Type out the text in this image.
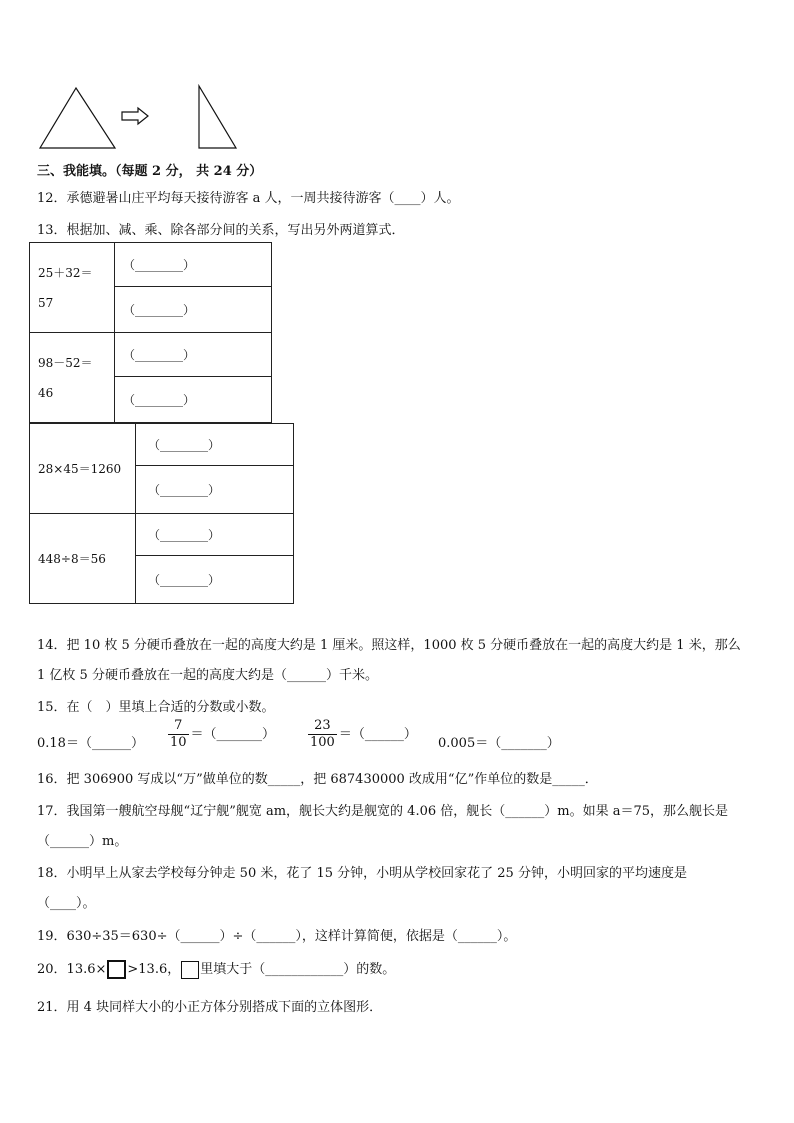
三、我能填。（每题 2 分， 共 24 分）
12．承德避暑山庄平均每天接待游客 a 人，一周共接待游客（____）人。
13．根据加、减、乘、除各部分间的关系，写出另外两道算式．
25＋32＝
57	（________）
	（________）

98－52＝
46	（________）
	（________）
28×45＝1260	（________）
	（________）
448÷8＝56	（________）
	（________）
14．把 10 枚 5 分硬币叠放在一起的高度大约是 1 厘米。照这样，1000 枚 5 分硬币叠放在一起的高度大约是 1 米，那么
1 亿枚 5 分硬币叠放在一起的高度大约是（______）千米。
15．在（　）里填上合适的分数或小数。
0.18＝（______） $\frac{7}{10}$ ＝（_______）	$\frac{23}{100}$ ＝（______）
0.005＝（_______）
16．把 306900 写成以“万”做单位的数_____，把 687430000 改成用“亿”作单位的数是_____．
17．我国第一艘航空母舰“辽宁舰”舰宽 am，舰长大约是舰宽的 4.06 倍，舰长（______）m。如果 a＝75，那么舰长是
（______）m。
18．小明早上从家去学校每分钟走 50 米，花了 15 分钟，小明从学校回家花了 25 分钟，小明回家的平均速度是
（____）。
19．630÷35＝630÷（______）÷（______），这样计算简便，依据是（______）。
20．13.6× >13.6， 里填大于（____________）的数。
21．用 4 块同样大小的小正方体分别搭成下面的立体图形．
